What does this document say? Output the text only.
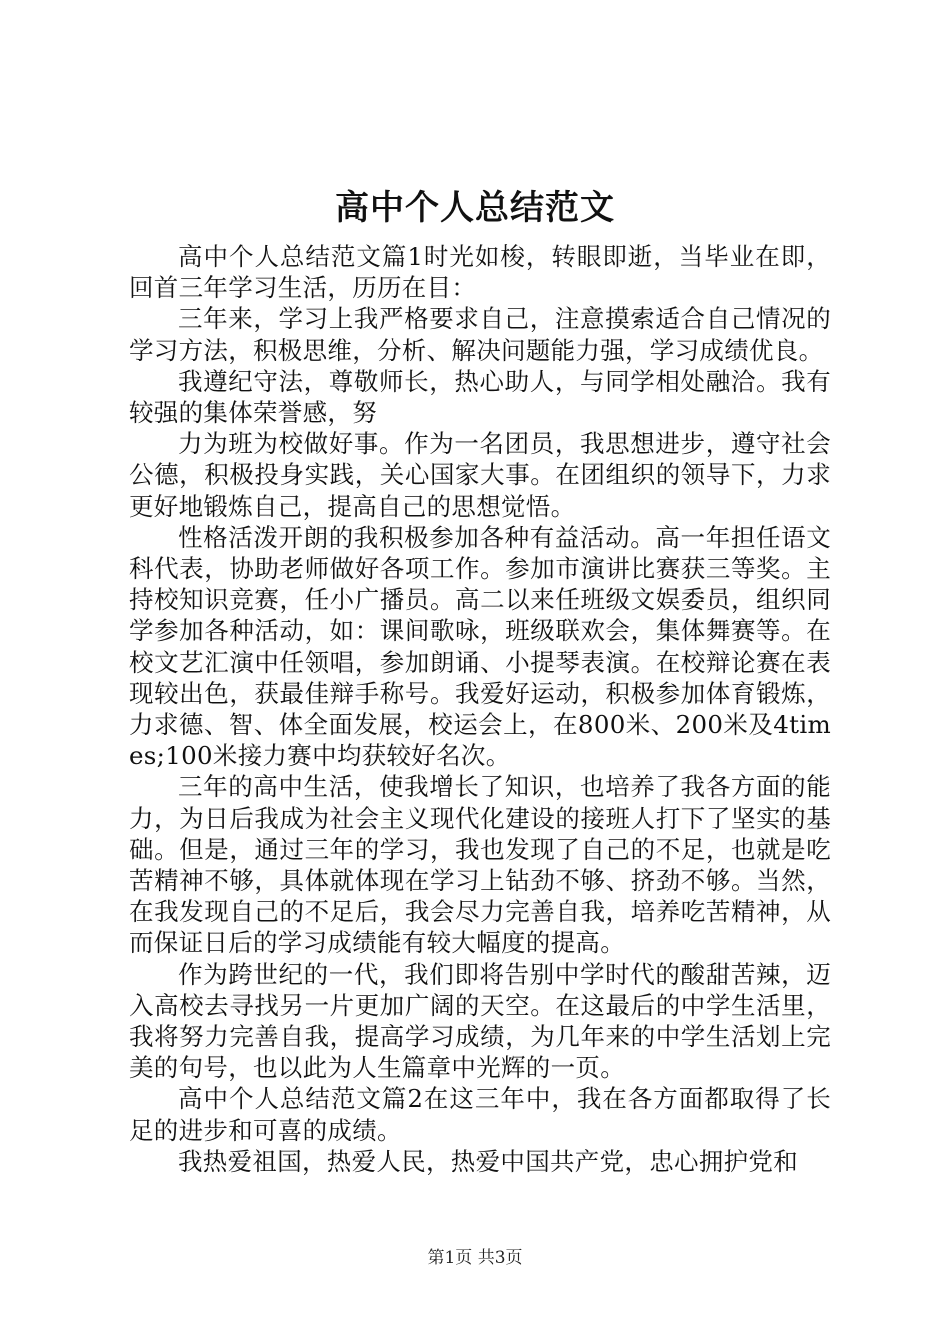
高中个人总结范文

高中个人总结范文篇1时光如梭，转眼即逝，当毕业在即，回首三年学习生活，历历在目：

三年来，学习上我严格要求自己，注意摸索适合自己情况的学习方法，积极思维，分析、解决问题能力强，学习成绩优良。

我遵纪守法，尊敬师长，热心助人，与同学相处融洽。我有较强的集体荣誉感，努

力为班为校做好事。作为一名团员，我思想进步，遵守社会公德，积极投身实践，关心国家大事。在团组织的领导下，力求更好地锻炼自己，提高自己的思想觉悟。

性格活泼开朗的我积极参加各种有益活动。高一年担任语文科代表，协助老师做好各项工作。参加市演讲比赛获三等奖。主持校知识竞赛，任小广播员。高二以来任班级文娱委员，组织同学参加各种活动，如：课间歌咏，班级联欢会，集体舞赛等。在校文艺汇演中任领唱，参加朗诵、小提琴表演。在校辩论赛在表现较出色，获最佳辩手称号。我爱好运动，积极参加体育锻炼，力求德、智、体全面发展，校运会上，在800米、200米及4times;100米接力赛中均获较好名次。

三年的高中生活，使我增长了知识，也培养了我各方面的能力，为日后我成为社会主义现代化建设的接班人打下了坚实的基础。但是，通过三年的学习，我也发现了自己的不足，也就是吃苦精神不够，具体就体现在学习上钻劲不够、挤劲不够。当然，在我发现自己的不足后，我会尽力完善自我，培养吃苦精神，从而保证日后的学习成绩能有较大幅度的提高。

作为跨世纪的一代，我们即将告别中学时代的酸甜苦辣，迈入高校去寻找另一片更加广阔的天空。在这最后的中学生活里，我将努力完善自我，提高学习成绩，为几年来的中学生活划上完美的句号，也以此为人生篇章中光辉的一页。

高中个人总结范文篇2在这三年中，我在各方面都取得了长足的进步和可喜的成绩。

我热爱祖国，热爱人民，热爱中国共产党，忠心拥护党和

第1页 共3页
